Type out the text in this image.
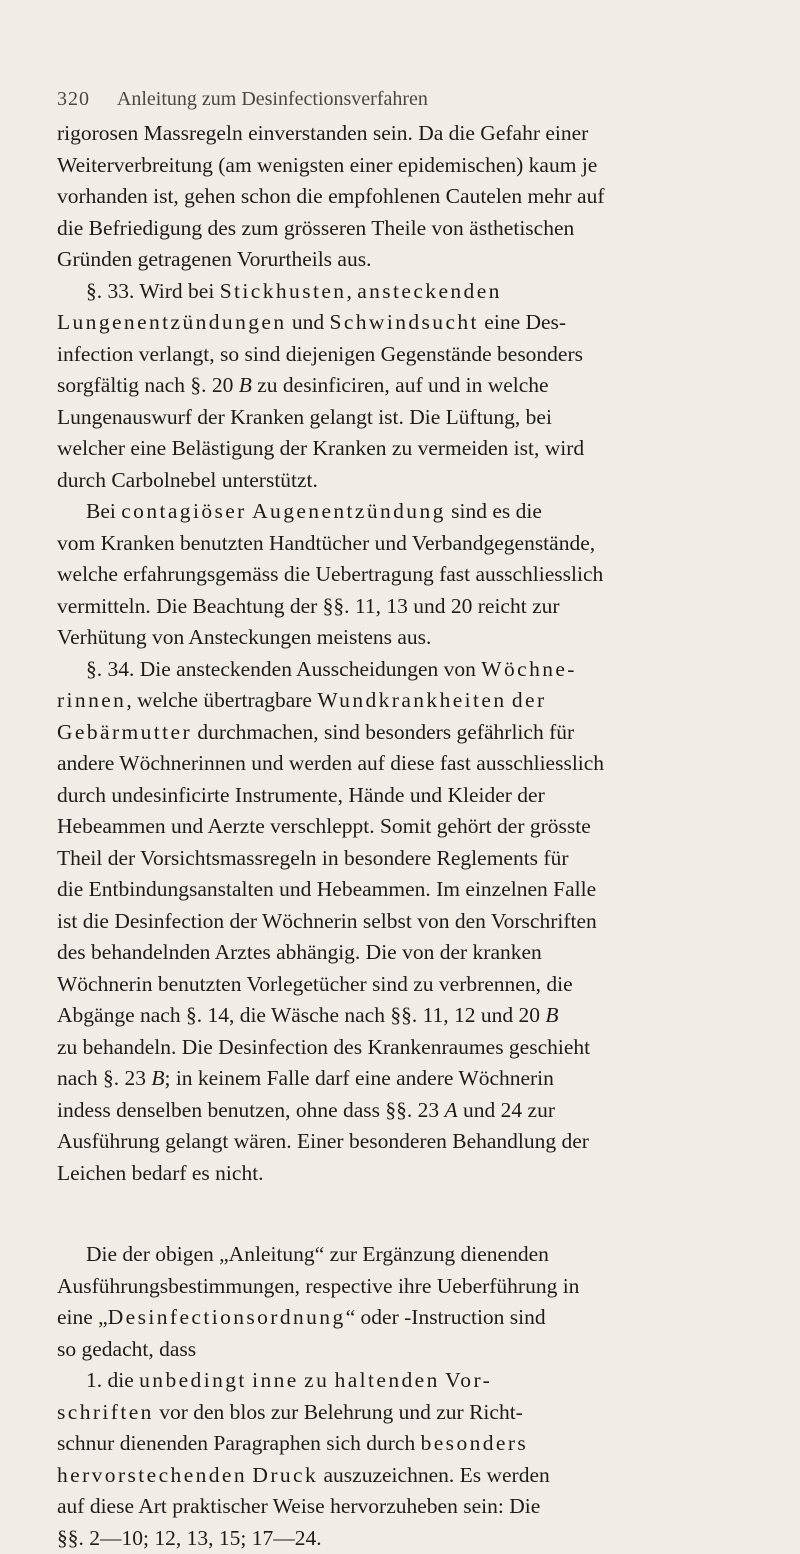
320 Anleitung zum Desinfectionsverfahren
rigorosen Massregeln einverstanden sein. Da die Gefahr einer
Weiterverbreitung (am wenigsten einer epidemischen) kaum je
vorhanden ist, gehen schon die empfohlenen Cautelen mehr auf
die Befriedigung des zum grösseren Theile von ästhetischen
Gründen getragenen Vorurtheils aus.
§. 33. Wird bei Stickhusten, ansteckenden
Lungenentzündungen und Schwindsucht eine Des-
infection verlangt, so sind diejenigen Gegenstände besonders
sorgfältig nach §. 20 B zu desinficiren, auf und in welche
Lungenauswurf der Kranken gelangt ist. Die Lüftung, bei
welcher eine Belästigung der Kranken zu vermeiden ist, wird
durch Carbolnebel unterstützt.
Bei contagiöser Augenentzündung sind es die
vom Kranken benutzten Handtücher und Verbandgegenstände,
welche erfahrungsgemäss die Uebertragung fast ausschliesslich
vermitteln. Die Beachtung der §§. 11, 13 und 20 reicht zur
Verhütung von Ansteckungen meistens aus.
§. 34. Die ansteckenden Ausscheidungen von Wöchne-
rinnen, welche übertragbare Wundkrankheiten der
Gebärmutter durchmachen, sind besonders gefährlich für
andere Wöchnerinnen und werden auf diese fast ausschliesslich
durch undesinficirte Instrumente, Hände und Kleider der
Hebeammen und Aerzte verschleppt. Somit gehört der grösste
Theil der Vorsichtsmassregeln in besondere Reglements für
die Entbindungsanstalten und Hebeammen. Im einzelnen Falle
ist die Desinfection der Wöchnerin selbst von den Vorschriften
des behandelnden Arztes abhängig. Die von der kranken
Wöchnerin benutzten Vorlegetücher sind zu verbrennen, die
Abgänge nach §. 14, die Wäsche nach §§. 11, 12 und 20 B
zu behandeln. Die Desinfection des Krankenraumes geschieht
nach §. 23 B; in keinem Falle darf eine andere Wöchnerin
indess denselben benutzen, ohne dass §§. 23 A und 24 zur
Ausführung gelangt wären. Einer besonderen Behandlung der
Leichen bedarf es nicht.
Die der obigen „Anleitung“ zur Ergänzung dienenden
Ausführungsbestimmungen, respective ihre Ueberführung in
eine „Desinfectionsordnung“ oder -Instruction sind
so gedacht, dass
1. die unbedingt inne zu haltenden Vor-
schriften vor den blos zur Belehrung und zur Richt-
schnur dienenden Paragraphen sich durch besonders
hervorstechenden Druck auszuzeichnen. Es werden
auf diese Art praktischer Weise hervorzuheben sein: Die
§§. 2—10; 12, 13, 15; 17—24.
